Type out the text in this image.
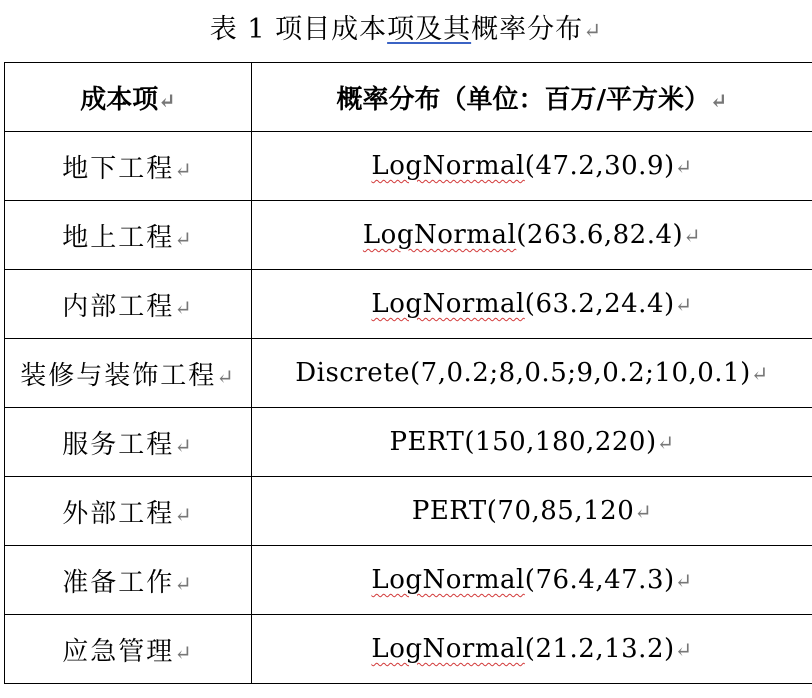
表 1 项目成本项及其概率分布↵
成本项↵	概率分布（单位：百万/平方米）↵
地下工程↵	LogNormal(47.2,30.9)↵
地上工程↵	LogNormal(263.6,82.4)↵
内部工程↵	LogNormal(63.2,24.4)↵
装修与装饰工程↵	Discrete(7,0.2;8,0.5;9,0.2;10,0.1)↵
服务工程↵	PERT(150,180,220)↵
外部工程↵	PERT(70,85,120↵
准备工作↵	LogNormal(76.4,47.3)↵
应急管理↵	LogNormal(21.2,13.2)↵
